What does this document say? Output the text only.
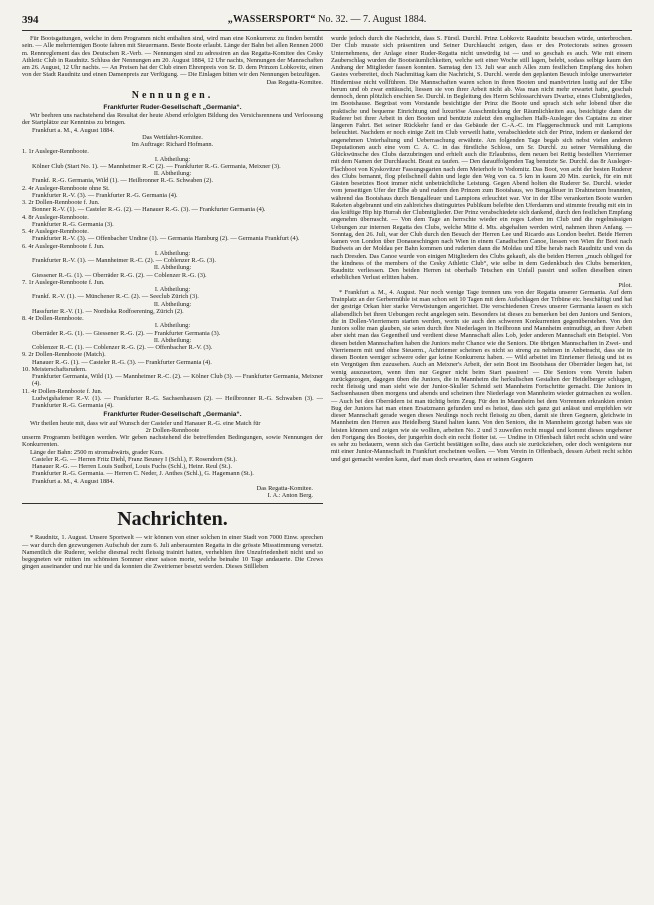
394	„WASSERSPORT“ No. 32. — 7. August 1884.

Für Bootsgattungen, welche in dem Programm nicht enthalten sind, wird man eine Konkurrenz zu finden bemüht sein. — Alle mehrriemigen Boote fahren mit Steuermann. Beste Boote erlaubt. Länge der Bahn bei allen Rennen 2000 m. Rennreglement das des Deutschen R.-Verb. — Nennungen sind zu adressiren an das Regatta-Komitee des Cesky Athletic Club in Raudnitz. Schluss der Nennungen am 20. August 1884, 12 Uhr nachts, Nennungen der Mannschaften am 26. August, 12 Uhr nachts. — An Preisen hat der Club einen Ehrenpreis von Sr. D. dem Prinzen Lobkovitz, einen von der Stadt Raudnitz und einen Damenpreis zur Verfügung. — Die Einlagen bitten wir den Nennungen beizufügen.

Das Regatta-Komitee.

Nennungen.
Frankfurter Ruder-Gesellschaft „Germania“.

Wir beehren uns nachstehend das Resultat der heute Abend erfolgten Bildung des Versichsrennens und Verloosung der Startplätze zur Kenntniss zu bringen.

Frankfurt a. M., 4. August 1884.

Das Wettfahrt-Komitee.

Im Auftrage: Richard Hofmann.

1. 1r Ausleger-Rennboote.

I. Abtheilung:

Kölner Club (Start No. 1). — Mannheimer R.-C (2). — Frankfurter R.-G. Germania, Meixner (3).

II. Abtheilung:

Frankf. R.-G. Germania, Wild (1). — Heilbronner R.-G. Schwaben (2).

2. 4r Ausleger-Rennboote ohne St.

Frankfurter R.-V. (3). — Frankfurter R.-G. Germania (4).

3. 2r Dollen-Rennboote f. Jun.

Bonner R.-V. (1). — Casteler R.-G. (2). — Hanauer R.-G. (3). — Frankfurter Germania (4).

4. 8r Ausleger-Rennboote.

Frankfurter R.-G. Germania (3).

5. 4r Ausleger-Rennboote.

Frankfurter R.-V. (3). — Offenbacher Undine (1). — Germania Hamburg (2). — Germania Frankfurt (4).

6. 4r Ausleger-Rennboote f. Jun.

I. Abtheilung:

Frankfurter R.-V. (1). — Mannheimer R.-C. (2). — Coblenzer R.-G. (3).

II. Abtheilung:

Giessener R.-G. (1). — Oberräder R.-G. (2). — Coblenzer R.-G. (3).

7. 1r Ausleger-Rennboote f. Jun.

I. Abtheilung:

Frankf. R.-V. (1). — Münchener R.-C. (2). — Seeclub Zürich (3).

II. Abtheilung:

Hassfurter R.-V. (1). — Nordiska Rodfoerening, Zürich (2).

8. 4r Dollen-Rennboote.

I. Abtheilung:

Oberräder R.-G. (1). — Giessener R.-G. (2). — Frankfurter Germania (3).

II. Abtheilung:

Coblenzer R.-C. (1). — Coblenzer R.-G. (2). — Offenbacher R.-V. (3).

9. 2r Dollen-Rennboote (Match).

Hanauer R.-G. (1). — Casteler R.-G. (3). — Frankfurter Germania (4).

10. Meisterschaftsrudern.

Frankfurter Germania, Wild (1). — Mannheimer R.-C. (2). — Kölner Club (3). — Frankfurter Germania, Meixner (4).

11. 4r Dollen-Rennboote f. Jun.

Ludwigshafener R.-V. (1). — Frankfurter R.-G. Sachsenhausen (2). — Heilbronner R.-G. Schwaben (3). — Frankfurter R.-G. Germania (4).

Frankfurter Ruder-Gesellschaft „Germania“.

Wir theilen heute mit, dass wir auf Wunsch der Casteler und Hanauer R.-G. eine Match für

2r Dollen-Rennboote

unserm Programm beifügen werden. Wir geben nachstehend die betreffenden Bedingungen, sowie Nennungen der Konkurrenten.

Länge der Bahn: 2500 m stromabwärts, grader Kurs.

Casteler R.-G. — Herren Fritz Diehl, Franz Beuney I (Schl.), F. Rosendorn (St.).

Hanauer R.-G. — Herren Louis Sudhof, Louis Fuchs (Schl.), Heinr. Reul (St.).

Frankfurter R.-G. Germania. — Herren C. Neder, J. Anthes (Schl.), G. Hagemann (St.).

Frankfurt a. M., 4. August 1884.

Das Regatta-Komitee.

I. A.: Anton Berg.

Nachrichten.

* Raudnitz, 1. August. Unsere Sportwelt — wir können von einer solchen in einer Stadt von 7000 Einw. sprechen — war durch den gezwungenen Aufschub der zum 6. Juli anberaumten Regatta in die grösste Missstimmung versetzt. Namentlich die Ruderer, welche diesmal recht fleissig trainirt hatten, verhehlten ihre Unzufriedenheit nicht und so begegneten wir mitten im schönsten Sommer einer saison morte, welche beinahe 10 Tage andauerte. Die Crews gingen auseinander und nur hie und da konnten die Zweiriemer besetzt werden. Dieses Stillleben

wurde jedoch durch die Nachricht, dass S. Fürstl. Durchl. Prinz Lobkoviz Raudnitz besuchen würde, unterbrochen. Der Club musste sich präsentiren und Seiner Durchlaucht zeigen, dass er des Protectorats seines grossen Unternehmens, der Anlage einer Ruder-Regatta nicht unwürdig ist — und so geschah es auch. Wie mit einem Zauberschlag wurden die Bootsräumlichkeiten, welche seit einer Woche still lagen, belebt, sodass selbige kaum den Andrang der Mitglieder fassen konnten. Samstag den 13. Juli war auch Alles zum festlichen Empfang des hohen Gastes vorbereitet, doch Nachmittag kam die Nachricht, S. Durchl. werde den geplanten Besuch infolge unerwarteter Hindernisse nicht vollführen. Die Mannschaften waren schon in ihren Booten und manövrirten lustig auf der Elbe herum und ob zwar enttäuscht, liessen sie von ihrer Arbeit nicht ab. Was man nicht mehr erwartet hatte, geschah dennoch, denn plötzlich erschien Se. Durchl. in Begleitung des Herrn Schlossarchivars Dvarisz, eines Clubmitgliedes, im Bootshause. Begrüsst vom Vorstande besichtigte der Prinz die Boote und sprach sich sehr lobend über die praktische und bequeme Einrichtung und luxuriöse Ausschmückung der Räumlichkeiten aus, besichtigte dann die Ruderer bei ihrer Arbeit in den Booten und benützte zuletzt den englischen Halb-Ausleger des Captains zu einer längeren Fahrt. Bei seiner Rückkehr fand er das Gebäude der C.-A.-C. im Flaggenschmuck und mit Lampions beleuchtet. Nachdem er noch einige Zeit im Club verweilt hatte, verabschiedete sich der Prinz, indem er dankend der angenehmen Unterhaltung und Ueberraschung erwähnte. Am folgenden Tage begab sich nebst vielen anderen Deputationen auch eine vom C. A. C. in das fürstliche Schloss, um Sr. Durchl. zu seiner Vermählung die Glückwünsche des Clubs darzubringen und erhielt auch die Erlaubniss, dem neuen bei Rettig bestellten Vierriemer mit dem Namen der Durchlaucht. Braut zu taufen. — Den darauffolgenden Tag benutzte Se. Durchl. das 8r Ausleger-Flachboot von Kyskovitzer Fassungsgarten nach dem Meierhofe in Vodomitz. Das Boot, von acht der besten Ruderer des Clubs bemannt, flog pfeilschnell dahin und legte den Weg von ca. 5 km in kaum 20 Min. zurück, für ein mit Gästen besetztes Boot immer nicht unbeträchtliche Leistung. Gegen Abend holten die Ruderer Se. Durchl. wieder vom jenseitigen Ufer der Elbe ab und rudern den Prinzen zum Bootshaus, wo Bengalfeuer in Drahtnetzen brannten, während das Bootshaus durch Bengalfeuer und Lampions erleuchtet war. Vor in der Elbe verankerten Boote wurden Raketen abgebrannt und ein zahlreiches distinguirtes Publikum beleibte den Uferdamm und stimmte freudig mit ein in das kräftige Hip hip Hurrah der Clubmitglieder. Der Prinz verabschiedete sich dankend, durch den festlichen Empfang angenehm überrascht. — Von dem Tage an herrschte wieder ein reges Leben im Club und die regelmässigen Uebungen zur internen Regatta des Clubs, welche Mitte d. Mts. abgehalten werden wird, nahmen ihren Anfang. — Sonntag, den 26. Juli, war der Club durch den Besuch der Herren Lee und Ricardo aus London beehrt. Beide Herren kamen von London über Donaueschingen nach Wien in einem Canadischen Canoe, liessen von Wien ihr Boot nach Budweis an der Moldau per Bahn kommen und ruderten dann die Moldau und Elbe herab nach Raudnitz und von da nach Dresden. Das Canoe wurde von einigen Mitgliedern des Clubs gekauft, als die beiden Herren „much obliged for the kindness of the members of the Cesky Athletic Club“, wie selbe in dem Gedenkbuch des Clubs bemerkten, Raudnitz verliessen. Den beiden Herren ist oberhalb Tetschen ein Unfall passirt und sollen dieselben einen erheblichen Verlust erlitten haben.

Pilot.

* Frankfurt a. M., 4. August. Nur noch wenige Tage trennen uns von der Regatta unserer Germania. Auf dem Trainplatz an der Gerbermühle ist man schon seit 10 Tagen mit dem Aufschlagen der Tribüne etc. beschäftigt und hat der gestrige Orkan hier starke Verwüstungen angerichtet. Die verschiedenen Crews unserer Germania lassen es sich allabendlich bei ihren Uebungen recht angelegen sein. Besonders ist dieses zu bemerken bei den Juniors und Seniors, die in Dollen-Vierriemern starten werden, worin sie auch den schweren Konkurrenten gegenüberstehen. Von den Juniors sollte man glauben, sie seien durch ihre Niederlagen in Heilbronn und Mannheim entmuthigt, an ihrer Arbeit aber sieht man das Gegentheil und verdient diese Mannschaft alles Lob, jeder anderen Mannschaft ein Beispiel. Von diesen beiden Mannschaften haben die Juniors mehr Chance wie die Seniors. Die übrigen Mannschaften in Zwei- und Vierriemern mit und ohne Steuerm., Achtriemer scheinen es nicht so streng zu nehmen in Anbetracht, dass sie in diesen Booten weniger schwere oder gar keine Konkurrenz haben. — Wild arbeitet im Einriemer fleissig und ist es ein Vergnügen ihm zuzusehen. Auch an Meixner's Arbeit, der sein Boot im Bootshaus der Oberräder liegen hat, ist wenig auszusetzen, wenn ihm nur Gegner nicht beim Start passiren! — Die Seniors vom Verein haben zurückgezogen, dagegen üben die Juniors, die in Mannheim die herkulischen Gestalten der Heidelberger schlugen, recht fleissig und man sieht wie der Junior-Skuller Schmid seit Mannheim Fortschritte gemacht. Die Juniors in Sachsenhausen üben morgens und abends und scheinen ihre Niederlage von Mannheim wieder gutmachen zu wollen. — Auch bei den Oberrädern ist man tüchtig beim Zeug. Für den in Mannheim bei dem Vorrennen erkrankten ersten Bug der Juniors hat man einen Ersatzmann gefunden und es heisst, dass sich ganz gut anlässt und empfehlen wir dieser Mannschaft gerade wegen dieses Neulings noch recht fleissig zu üben, damit sie ihren Gegnern, gleichwie in Mannheim den Herren aus Heidelberg Stand halten kann. Von den Seniors, die in Mannheim gezeigt haben was sie leisten können und zeigen wie sie wollten, arbeiten No. 2 und 3 zuweilen recht mugal und kommt dieses ungehener den Fortgang des Bootes, der jungerhin doch ein recht flotter ist. — Undine in Offenbach fährt recht schön und wäre es sehr zu bedauern, wenn sich das Gerücht bestätigen sollte, dass auch sie zurückziehen, oder doch wenigstens nur mit einer Junior-Mannschaft in Frankfurt erscheinen wollen. — Vom Verein in Offenbach, dessen Arbeit recht schön und gut gemacht werden kann, darf man doch erwarten, dass er seinen Gegnern
